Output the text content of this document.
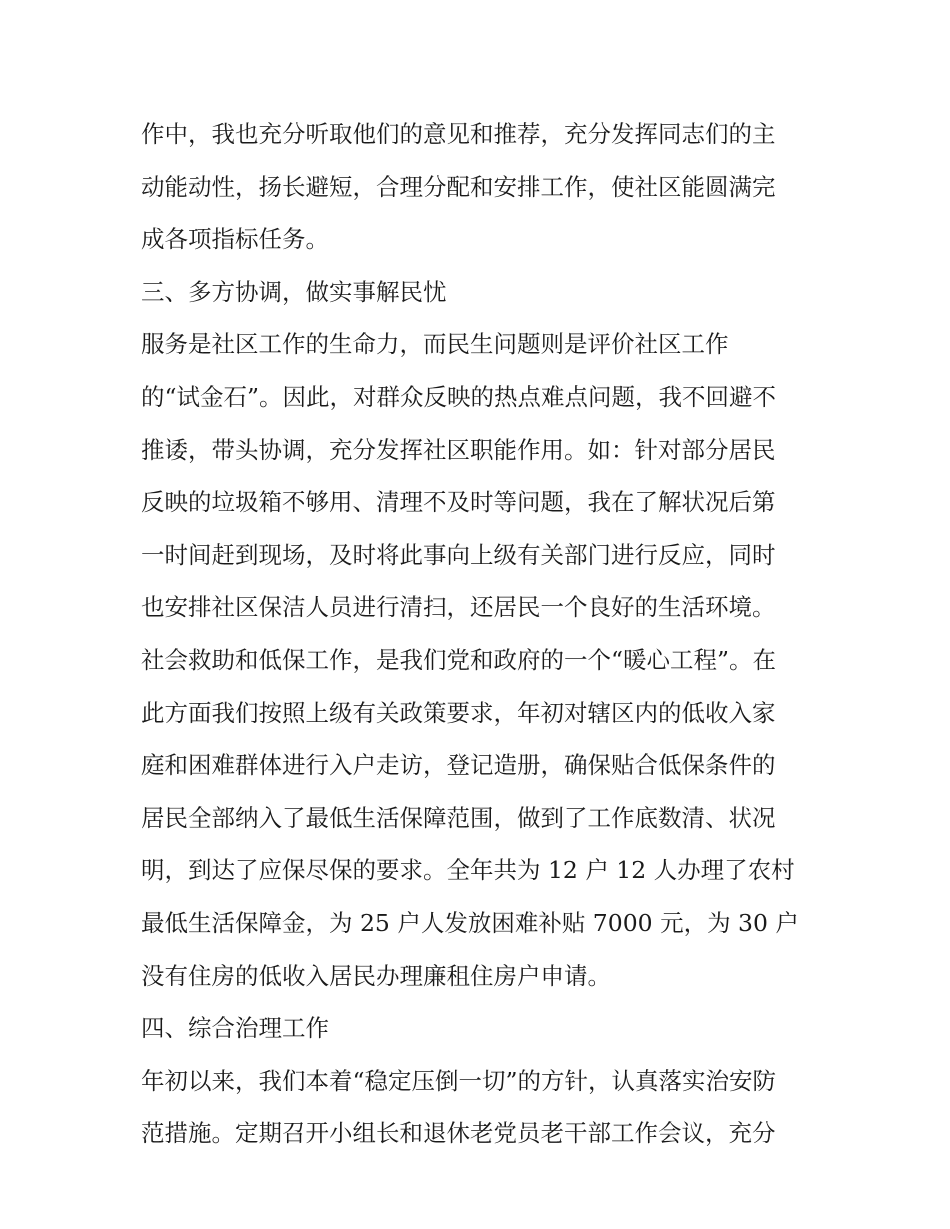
作中，我也充分听取他们的意见和推荐，充分发挥同志们的主
动能动性，扬长避短，合理分配和安排工作，使社区能圆满完
成各项指标任务。
三、多方协调，做实事解民忧
服务是社区工作的生命力，而民生问题则是评价社区工作
的“试金石”。因此，对群众反映的热点难点问题，我不回避不
推诿，带头协调，充分发挥社区职能作用。如：针对部分居民
反映的垃圾箱不够用、清理不及时等问题，我在了解状况后第
一时间赶到现场，及时将此事向上级有关部门进行反应，同时
也安排社区保洁人员进行清扫，还居民一个良好的生活环境。
社会救助和低保工作，是我们党和政府的一个“暖心工程”。在
此方面我们按照上级有关政策要求，年初对辖区内的低收入家
庭和困难群体进行入户走访，登记造册，确保贴合低保条件的
居民全部纳入了最低生活保障范围，做到了工作底数清、状况
明，到达了应保尽保的要求。全年共为 12 户 12 人办理了农村
最低生活保障金，为 25 户人发放困难补贴 7000 元，为 30 户
没有住房的低收入居民办理廉租住房户申请。
四、综合治理工作
年初以来，我们本着“稳定压倒一切”的方针，认真落实治安防
范措施。定期召开小组长和退休老党员老干部工作会议，充分
